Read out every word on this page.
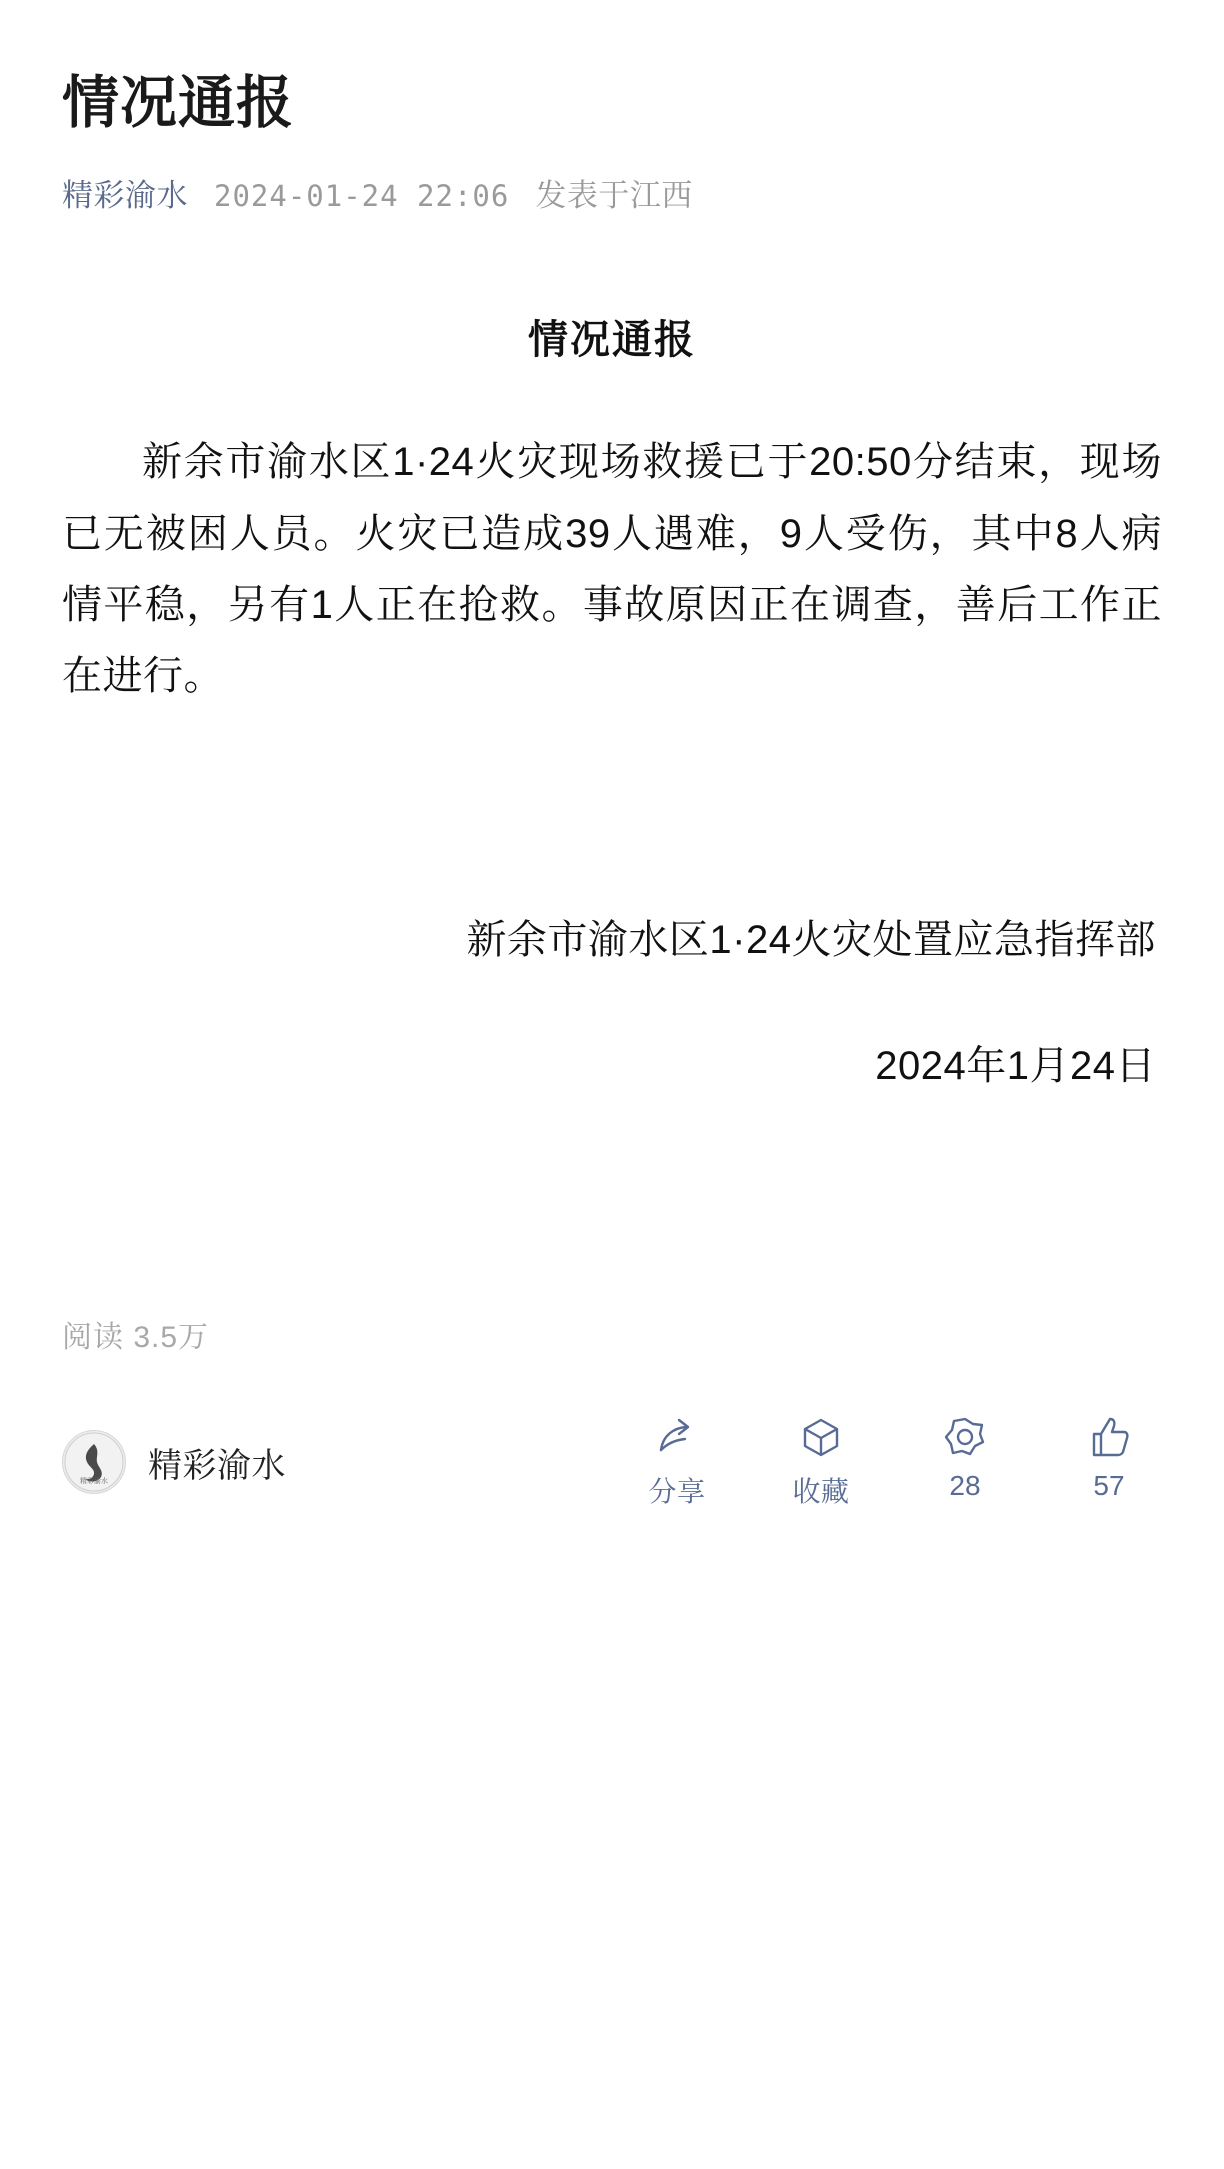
情况通报
精彩渝水 2024-01-24 22:06 发表于江西
情况通报

新余市渝水区1·24火灾现场救援已于20:50分结束，现场已无被困人员。火灾已造成39人遇难，9人受伤，其中8人病情平稳，另有1人正在抢救。事故原因正在调查，善后工作正在进行。

新余市渝水区1·24火灾处置应急指挥部
2024年1月24日
阅读 3.5万
精彩渝水 精彩渝水
分享	收藏	28	57
